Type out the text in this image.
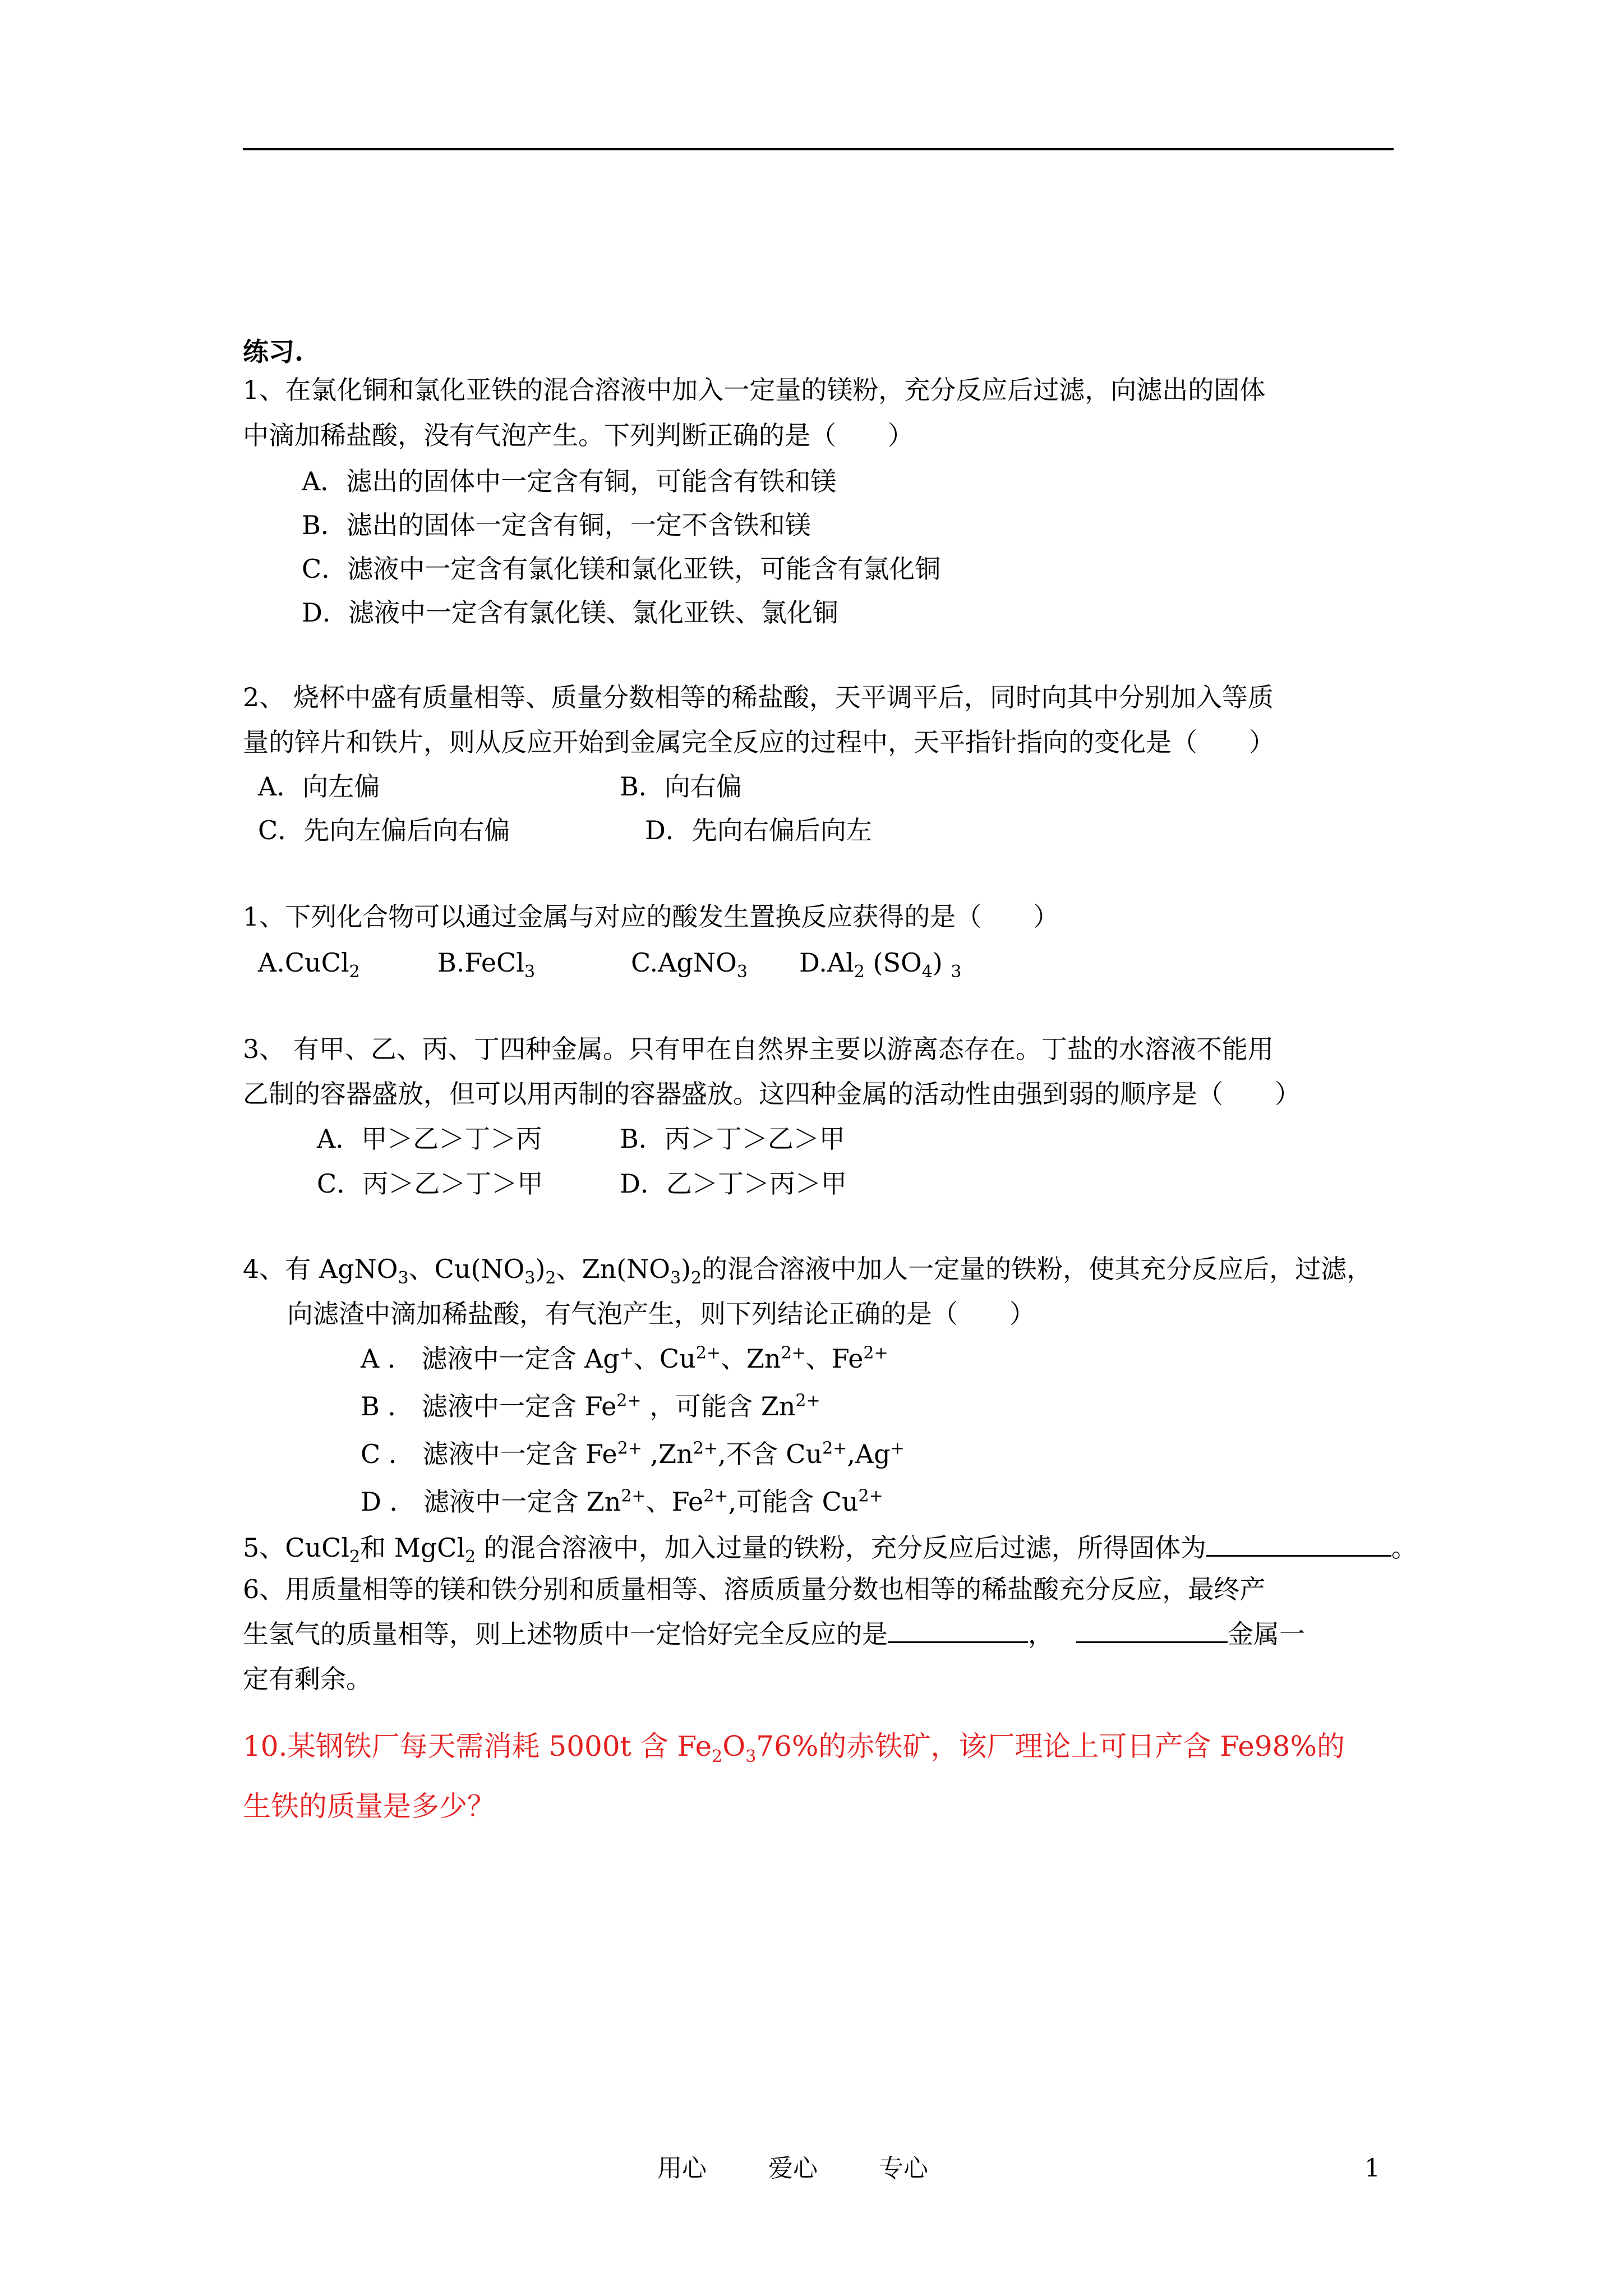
练习.
1、在氯化铜和氯化亚铁的混合溶液中加入一定量的镁粉，充分反应后过滤，向滤出的固体
中滴加稀盐酸，没有气泡产生。下列判断正确的是（　　）
A．滤出的固体中一定含有铜，可能含有铁和镁
B．滤出的固体一定含有铜，一定不含铁和镁
C．滤液中一定含有氯化镁和氯化亚铁，可能含有氯化铜
D．滤液中一定含有氯化镁、氯化亚铁、氯化铜
2、 烧杯中盛有质量相等、质量分数相等的稀盐酸，天平调平后，同时向其中分别加入等质
量的锌片和铁片，则从反应开始到金属完全反应的过程中，天平指针指向的变化是（　　）
A．向左偏	B．向右偏
C．先向左偏后向右偏	D．先向右偏后向左
1、下列化合物可以通过金属与对应的酸发生置换反应获得的是（　　）
A.CuCl$_2$	B.FeCl$_3$	C.AgNO$_3$ $D.Al_2$ $(SO_4)$ $_3$
3、 有甲、乙、丙、丁四种金属。只有甲在自然界主要以游离态存在。丁盐的水溶液不能用
乙制的容器盛放，但可以用丙制的容器盛放。这四种金属的活动性由强到弱的顺序是（　　）
A．甲＞乙＞丁＞丙	B．丙＞丁＞乙＞甲
C．丙＞乙＞丁＞甲	D．乙＞丁＞丙＞甲
4、有 AgNO$_3$、$Cu(NO_3)_2$、$Zn(NO_3)_2$的混合溶液中加人一定量的铁粉，使其充分反应后，过滤，
向滤渣中滴加稀盐酸，有气泡产生，则下列结论正确的是（　　）
A ． 滤液中一定含 Ag+、$Cu^{2+}$、$Zn^{2+}$、$Fe^{2+}$
B ． 滤液中一定含 $Fe^{2+}$ ，可能含 $Zn^{2+}$
C ． 滤液中一定含 $Fe^{2+}$ $,Zn^{2+}$,不含 $Cu^{2+},Ag^+$
D ． 滤液中一定含 $Zn^{2+}$、$Fe^{2+}$,可能含 $Cu^{2+}$
5、CuCl$_2$和 MgCl$_2$ 的混合溶液中，加入过量的铁粉，充分反应后过滤，所得固体为	。
6、用质量相等的镁和铁分别和质量相等、溶质质量分数也相等的稀盐酸充分反应，最终产
生氢气的质量相等，则上述物质中一定恰好完全反应的是	，	金属一
定有剩余。
10.某钢铁厂每天需消耗 5000t 含 $Fe_2O_376\%$的赤铁矿，该厂理论上可日产含 Fe98%的
生铁的质量是多少？
用心	爱心 专心	1
